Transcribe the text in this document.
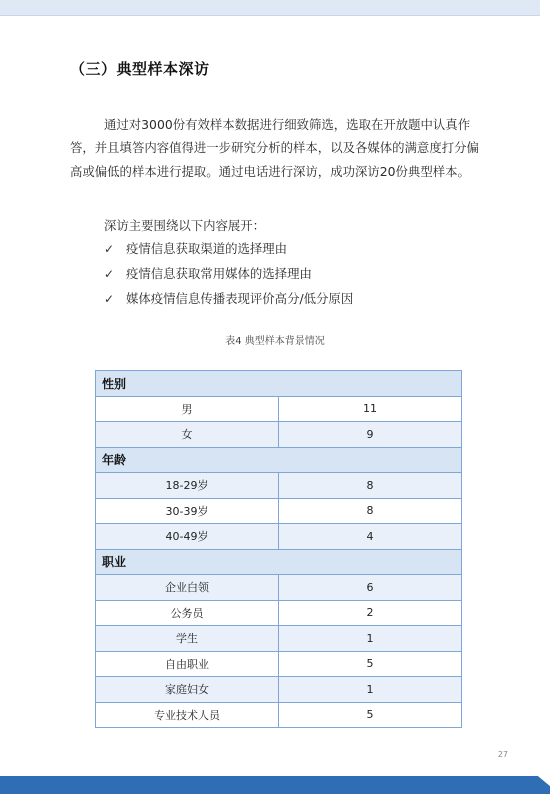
（三）典型样本深访

通过对3000份有效样本数据进行细致筛选，选取在开放题中认真作答，并且填答内容值得进一步研究分析的样本，以及各媒体的满意度打分偏高或偏低的样本进行提取。通过电话进行深访，成功深访20份典型样本。

深访主要围绕以下内容展开：

✓ 疫情信息获取渠道的选择理由
✓ 疫情信息获取常用媒体的选择理由
✓ 媒体疫情信息传播表现评价高分/低分原因
表4 典型样本背景情况
性别	
男	11
女	9
年龄	
18-29岁	8
30-39岁	8
40-49岁	4
职业	
企业白领	6
公务员	2
学生	1
自由职业	5
家庭妇女	1
专业技术人员	5
27
